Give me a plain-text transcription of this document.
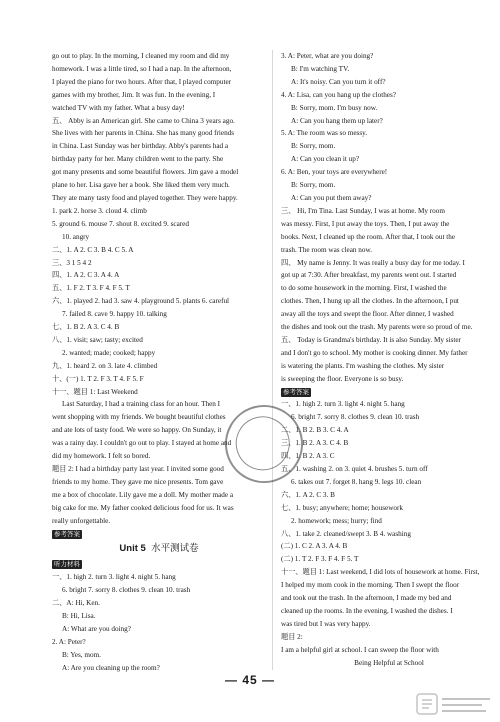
go out to play. In the morning, I cleaned my room and did my
homework. I was a little tired, so I had a nap. In the afternoon,
I played the piano for two hours. After that, I played computer
games with my brother, Jim. It was fun. In the evening, I
watched TV with my father. What a busy day!
五、 Abby is an American girl. She came to China 3 years ago.
She lives with her parents in China. She has many good friends
in China. Last Sunday was her birthday. Abby's parents had a
birthday party for her. Many children went to the party. She
got many presents and some beautiful flowers. Jim gave a model
plane to her. Lisa gave her a book. She liked them very much.
They ate many tasty food and played together. They were happy.
1. park 2. horse 3. cloud 4. climb
5. ground 6. mouse 7. shout 8. excited 9. scared
10. angry
二、1. A 2. C 3. B 4. C 5. A
三、3 1 5 4 2
四、1. A 2. C 3. A 4. A
五、1. F 2. T 3. F 4. F 5. T
六、1. played 2. had 3. saw 4. playground 5. plants 6. careful
7. failed 8. cave 9. happy 10. talking
七、1. B 2. A 3. C 4. B
八、1. visit; saw; tasty; excited
2. wanted; made; cooked; happy
九、1. heard 2. on 3. late 4. climbed
十、(一) 1. T 2. F 3. T 4. F 5. F
十一、题目 1: Last Weekend
Last Saturday, I had a training class for an hour. Then I
went shopping with my friends. We bought beautiful clothes
and ate lots of tasty food. We were so happy. On Sunday, it
was a rainy day. I couldn't go out to play. I stayed at home and
did my homework. I felt so bored.
题目 2: I had a birthday party last year. I invited some good
friends to my home. They gave me nice presents. Tom gave
me a box of chocolate. Lily gave me a doll. My mother made a
big cake for me. My father cooked delicious food for us. It was
really unforgettable.
参考答案
Unit 5 水平测试卷
听力材料
一、1. high 2. turn 3. light 4. night 5. hang
6. bright 7. sorry 8. clothes 9. clean 10. trash
二、A: Hi, Ken.
B: Hi, Lisa.
A: What are you doing?
2. A: Peter?
B: Yes, mom.
A: Are you cleaning up the room?
3. A: Peter, what are you doing?
B: I'm watching TV.
A: It's noisy. Can you turn it off?
4. A: Lisa, can you hang up the clothes?
B: Sorry, mom. I'm busy now.
A: Can you hang them up later?
5. A: The room was so messy.
B: Sorry, mom.
A: Can you clean it up?
6. A: Ben, your toys are everywhere!
B: Sorry, mom.
A: Can you put them away?
三、 Hi, I'm Tina. Last Sunday, I was at home. My room
was messy. First, I put away the toys. Then, I put away the
books. Next, I cleaned up the room. After that, I took out the
trash. The room was clean now.
四、 My name is Jenny. It was really a busy day for me today. I
got up at 7:30. After breakfast, my parents went out. I started
to do some housework in the morning. First, I washed the
clothes. Then, I hung up all the clothes. In the afternoon, I put
away all the toys and swept the floor. After dinner, I washed
the dishes and took out the trash. My parents were so proud of me.
五、 Today is Grandma's birthday. It is also Sunday. My sister
and I don't go to school. My mother is cooking dinner. My father
is watering the plants. I'm washing the clothes. My sister
is sweeping the floor. Everyone is so busy.
参考答案
一、1. high 2. turn 3. light 4. night 5. hang
6. bright 7. sorry 8. clothes 9. clean 10. trash
二、1. B 2. B 3. C 4. A
三、1. B 2. A 3. C 4. B
四、1. B 2. A 3. C
五、1. washing 2. on 3. quiet 4. brushes 5. turn off
6. takes out 7. forget 8. hang 9. legs 10. clean
六、1. A 2. C 3. B
七、1. busy; anywhere; home; housework
2. homework; mess; hurry; find
八、1. take 2. cleaned/swept 3. B 4. washing
(二) 1. C 2. A 3. A 4. B
(二) 1. T 2. F 3. F 4. F 5. T
十一、题目 1: Last weekend, I did lots of housework at home. First,
I helped my mom cook in the morning. Then I swept the floor
and took out the trash. In the afternoon, I made my bed and
cleaned up the rooms. In the evening, I washed the dishes. I
was tired but I was very happy.
题目 2:
I am a helpful girl at school. I can sweep the floor with
Being Helpful at School
— 45 —
